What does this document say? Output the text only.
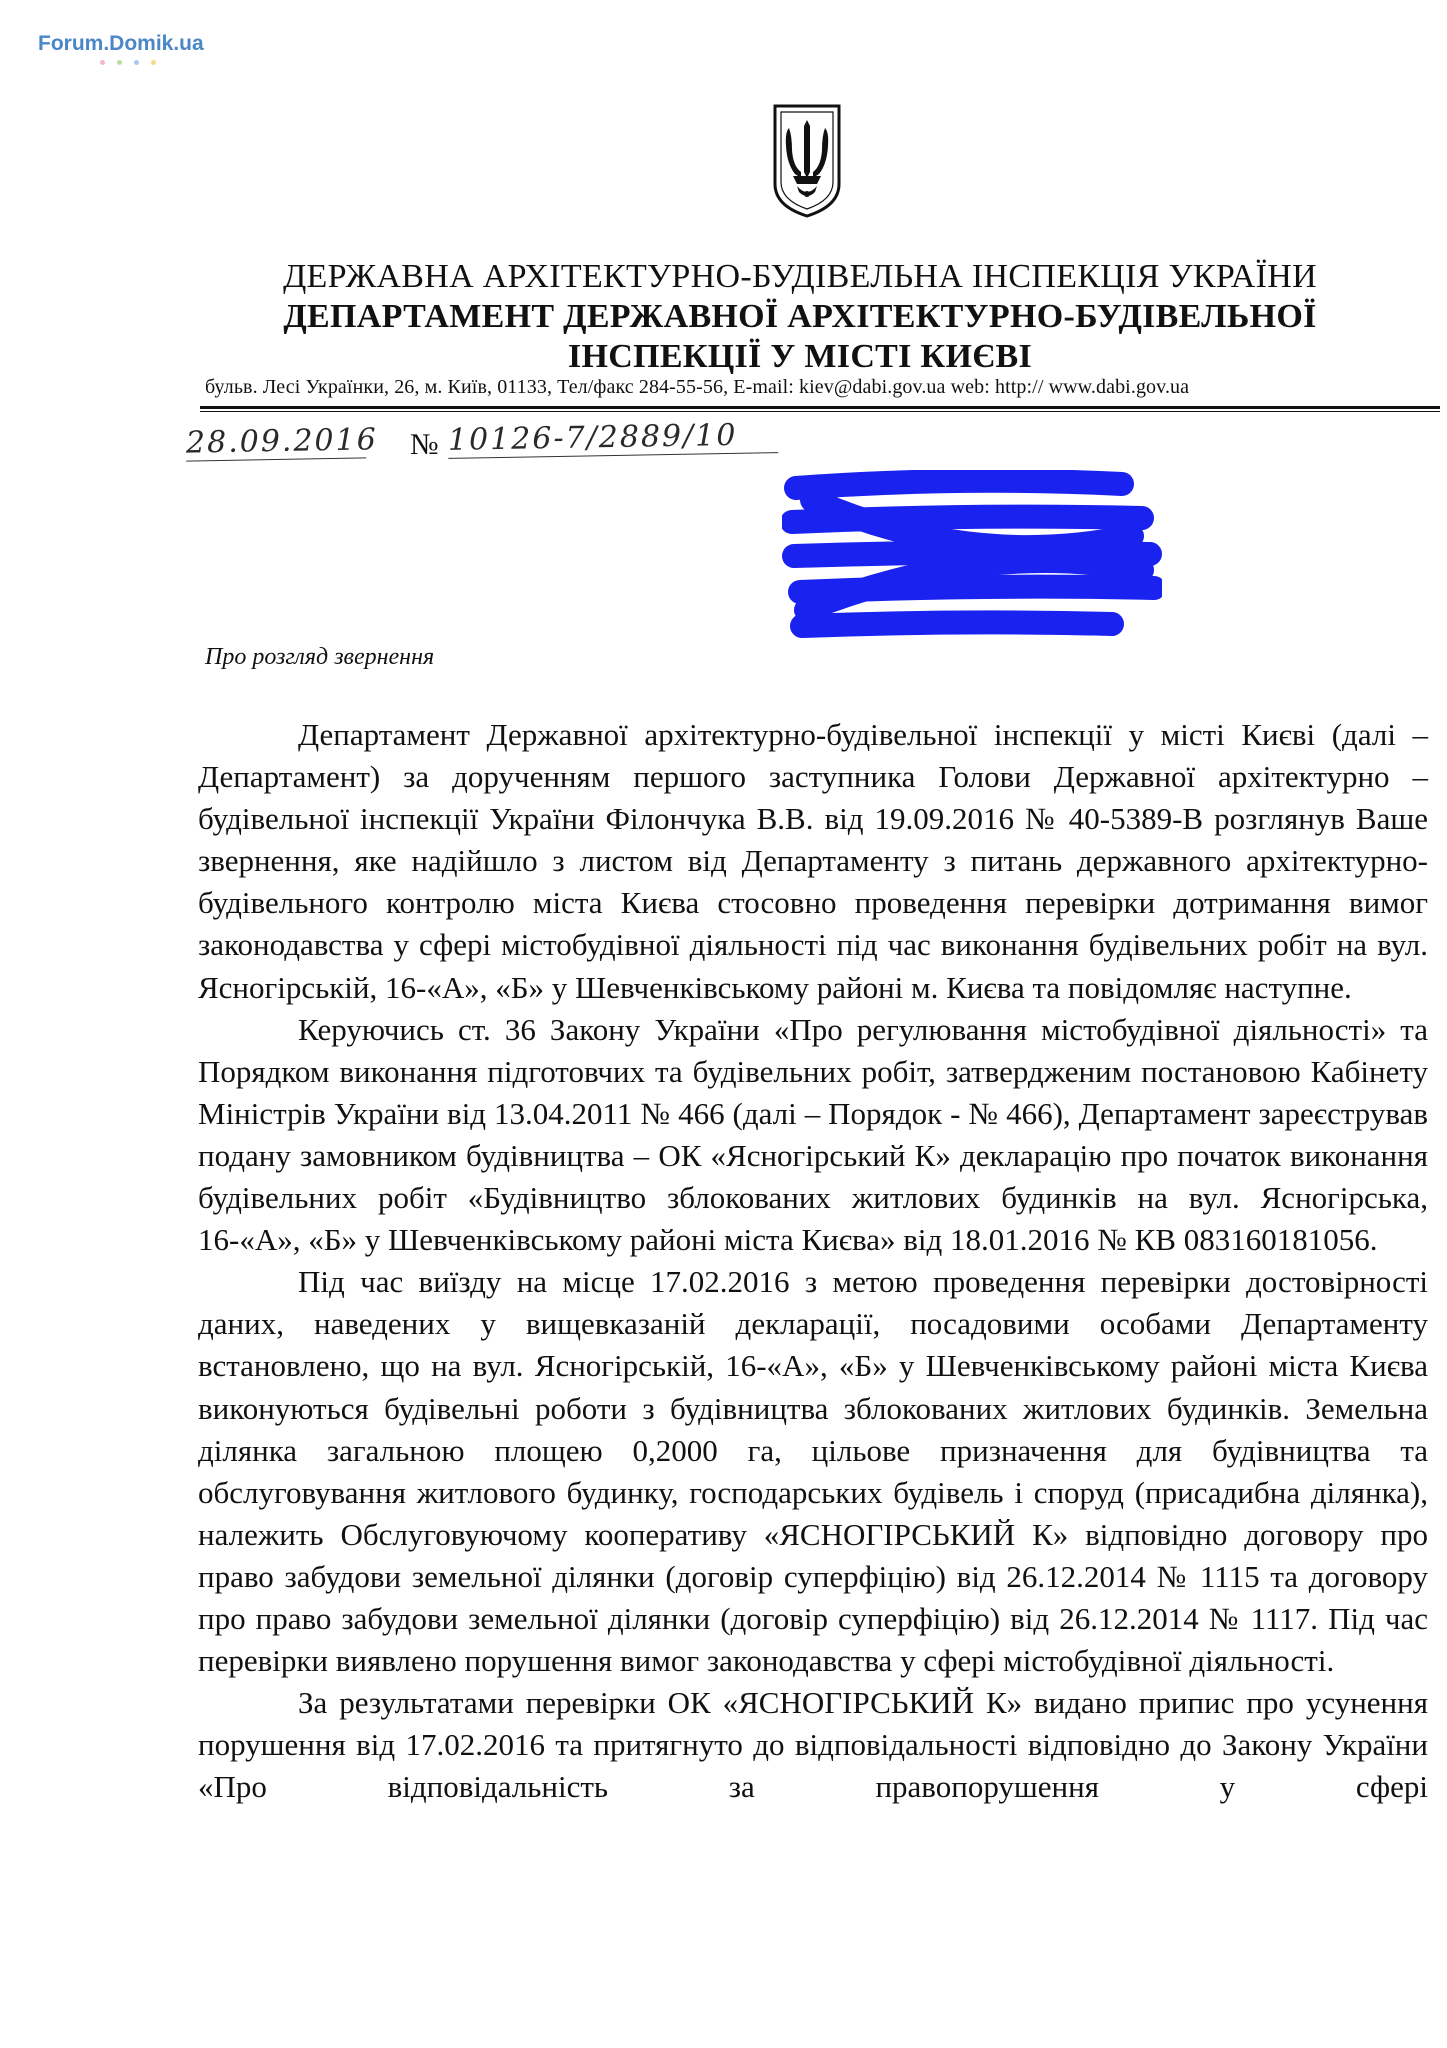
Forum.Domik.ua
ДЕРЖАВНА АРХІТЕКТУРНО-БУДІВЕЛЬНА ІНСПЕКЦІЯ УКРАЇНИ
ДЕПАРТАМЕНТ ДЕРЖАВНОЇ АРХІТЕКТУРНО-БУДІВЕЛЬНОЇ
ІНСПЕКЦІЇ У МІСТІ КИЄВІ
бульв. Лесі Українки, 26, м. Київ, 01133, Тел/факс 284-55-56, E-mail: kiev@dabi.gov.ua web: http:// www.dabi.gov.ua
28.09.2016 № 10126-7/2889/10
Про розгляд звернення

Департамент Державної архітектурно-будівельної інспекції у місті Києві (далі – Департамент) за дорученням першого заступника Голови Державної архітектурно – будівельної інспекції України Філончука В.В. від 19.09.2016 № 40-5389-В розглянув Ваше звернення, яке надійшло з листом від Департаменту з питань державного архітектурно-будівельного контролю міста Києва стосовно проведення перевірки дотримання вимог законодавства у сфері містобудівної діяльності під час виконання будівельних робіт на вул. Ясногірській, 16-«А», «Б» у Шевченківському районі м. Києва та повідомляє наступне.

Керуючись ст. 36 Закону України «Про регулювання містобудівної діяльності» та Порядком виконання підготовчих та будівельних робіт, затвердженим постановою Кабінету Міністрів України від 13.04.2011 № 466 (далі – Порядок - № 466), Департамент зареєстрував подану замовником будівництва – ОК «Ясногірський К» декларацію про початок виконання будівельних робіт «Будівництво зблокованих житлових будинків на вул. Ясногірська, 16-«А», «Б» у Шевченківському районі міста Києва» від 18.01.2016 № КВ 083160181056.

Під час виїзду на місце 17.02.2016 з метою проведення перевірки достовірності даних, наведених у вищевказаній декларації, посадовими особами Департаменту встановлено, що на вул. Ясногірській, 16-«А», «Б» у Шевченківському районі міста Києва виконуються будівельні роботи з будівництва зблокованих житлових будинків. Земельна ділянка загальною площею 0,2000 га, цільове призначення для будівництва та обслуговування житлового будинку, господарських будівель і споруд (присадибна ділянка), належить Обслуговуючому кооперативу «ЯСНОГІРСЬКИЙ К» відповідно договору про право забудови земельної ділянки (договір суперфіцію) від 26.12.2014 № 1115 та договору про право забудови земельної ділянки (договір суперфіцію) від 26.12.2014 № 1117. Під час перевірки виявлено порушення вимог законодавства у сфері містобудівної діяльності.

За результатами перевірки ОК «ЯСНОГІРСЬКИЙ К» видано припис про усунення порушення від 17.02.2016 та притягнуто до відповідальності відповідно до Закону України «Про відповідальність за правопорушення у сфері
